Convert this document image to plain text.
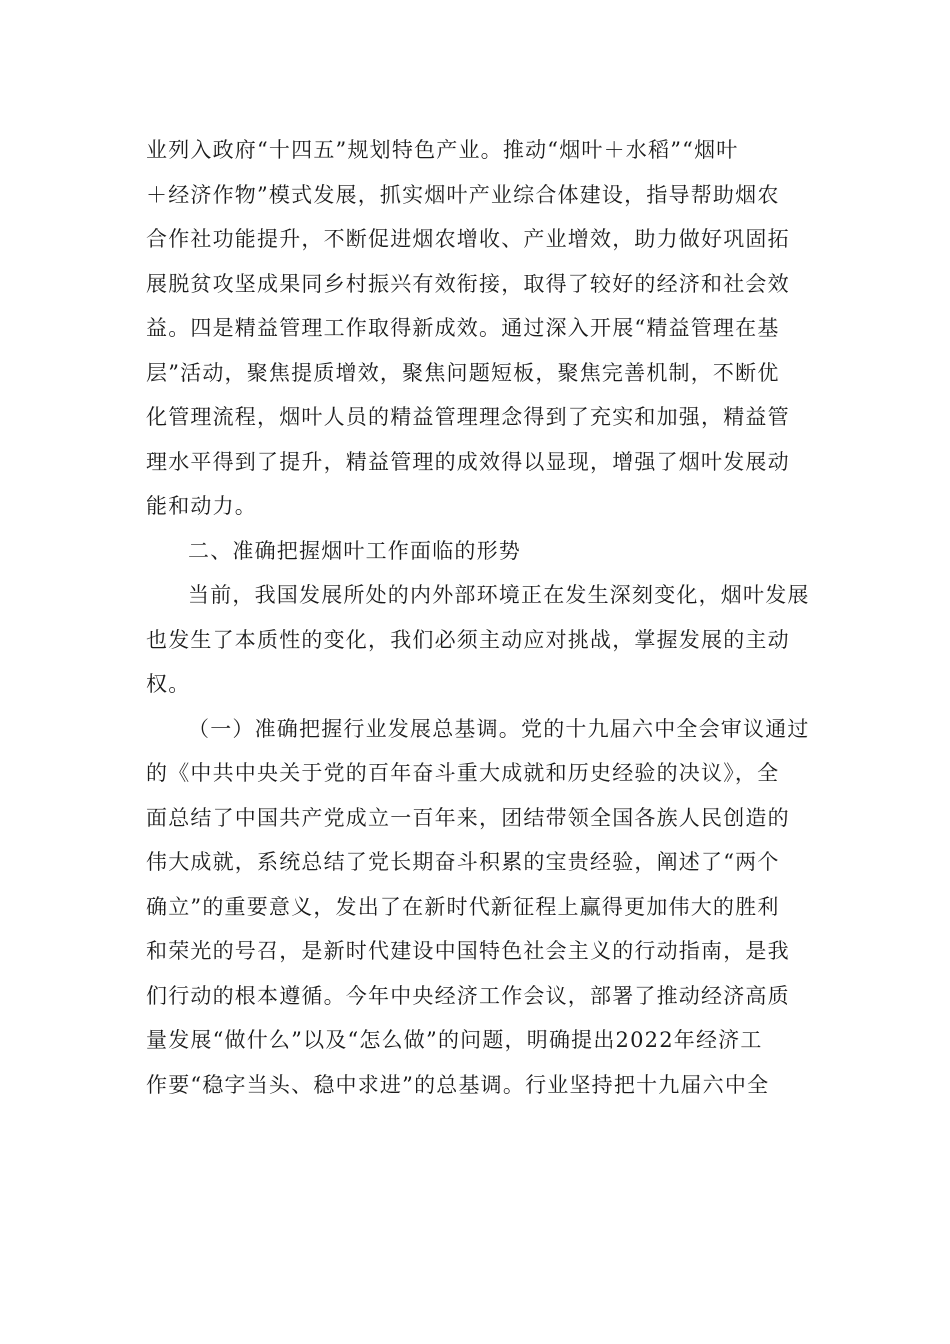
业列入政府“十四五”规划特色产业。推动“烟叶＋水稻”“烟叶
＋经济作物”模式发展，抓实烟叶产业综合体建设，指导帮助烟农
合作社功能提升，不断促进烟农增收、产业增效，助力做好巩固拓
展脱贫攻坚成果同乡村振兴有效衔接，取得了较好的经济和社会效
益。四是精益管理工作取得新成效。通过深入开展“精益管理在基
层”活动，聚焦提质增效，聚焦问题短板，聚焦完善机制，不断优
化管理流程，烟叶人员的精益管理理念得到了充实和加强，精益管
理水平得到了提升，精益管理的成效得以显现，增强了烟叶发展动
能和动力。
二、准确把握烟叶工作面临的形势
当前，我国发展所处的内外部环境正在发生深刻变化，烟叶发展
也发生了本质性的变化，我们必须主动应对挑战，掌握发展的主动
权。
（一）准确把握行业发展总基调。党的十九届六中全会审议通过
的《中共中央关于党的百年奋斗重大成就和历史经验的决议》，全
面总结了中国共产党成立一百年来，团结带领全国各族人民创造的
伟大成就，系统总结了党长期奋斗积累的宝贵经验，阐述了“两个
确立”的重要意义，发出了在新时代新征程上赢得更加伟大的胜利
和荣光的号召，是新时代建设中国特色社会主义的行动指南，是我
们行动的根本遵循。今年中央经济工作会议，部署了推动经济高质
量发展“做什么”以及“怎么做”的问题，明确提出2022年经济工
作要“稳字当头、稳中求进”的总基调。行业坚持把十九届六中全
